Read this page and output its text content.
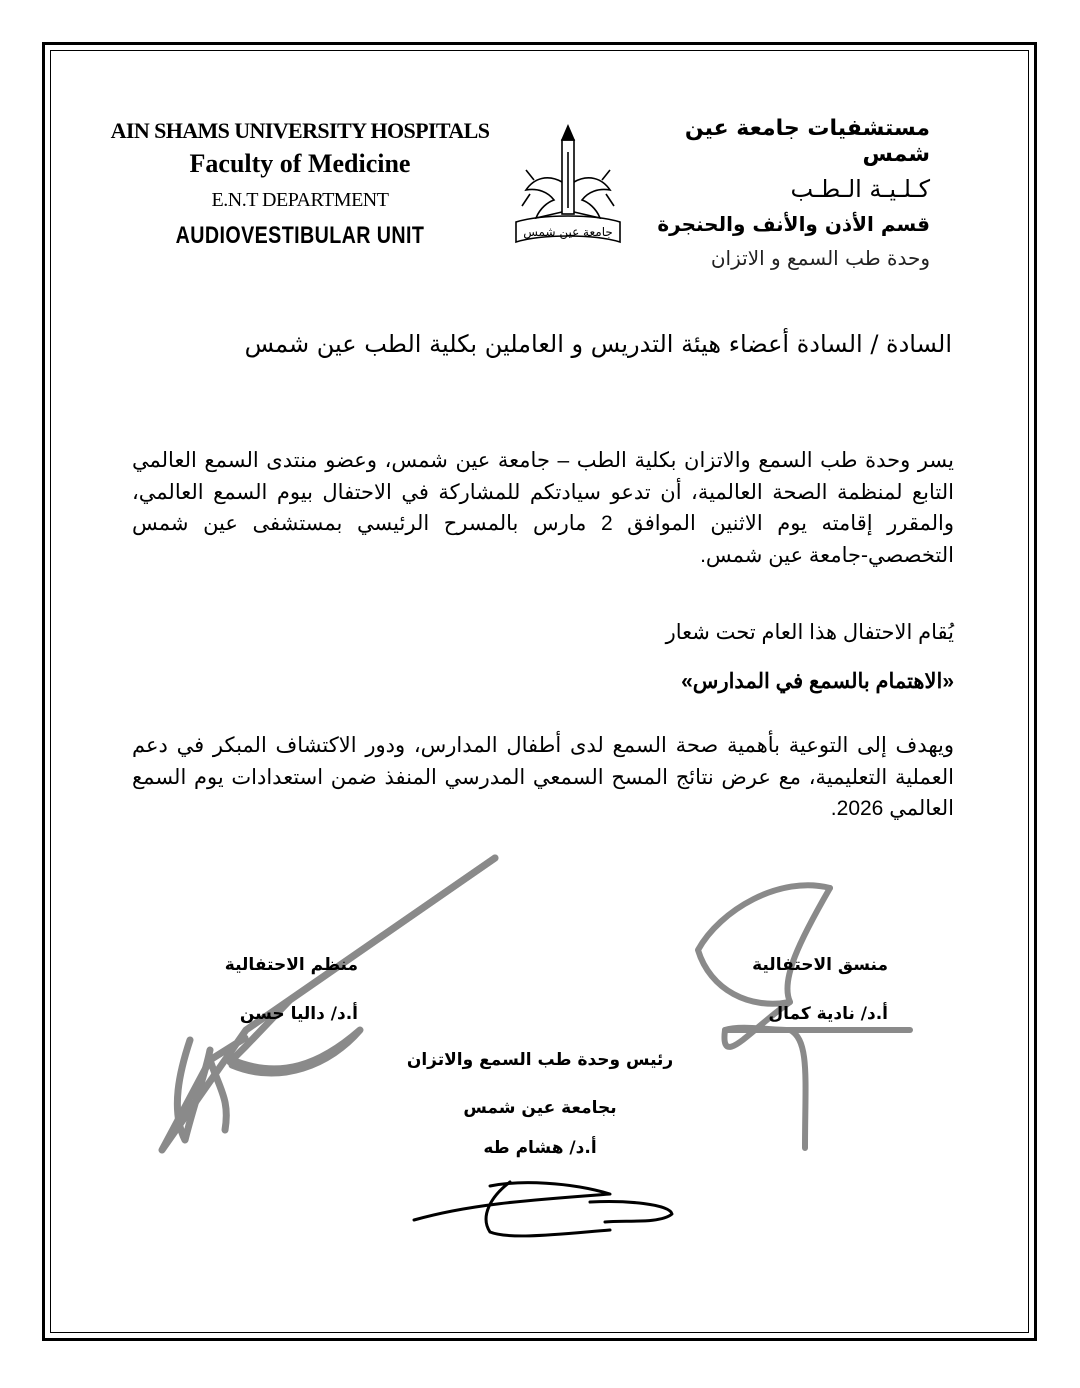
AIN SHAMS UNIVERSITY HOSPITALS
Faculty of Medicine
E.N.T DEPARTMENT
AUDIOVESTIBULAR UNIT	جامعة عين شمس
مستشفيات جامعة عين شمس
كـلـيـة الـطـب
قسم الأذن والأنف والحنجرة
وحدة طب السمع و الاتزان
السادة / السادة أعضاء هيئة التدريس و العاملين بكلية الطب عين شمس
يسر وحدة طب السمع والاتزان بكلية الطب – جامعة عين شمس، وعضو منتدى السمع العالمي التابع لمنظمة الصحة العالمية، أن تدعو سيادتكم للمشاركة في الاحتفال بيوم السمع العالمي، والمقرر إقامته يوم الاثنين الموافق 2 مارس بالمسرح الرئيسي بمستشفى عين شمس التخصصي-جامعة عين شمس.
يُقام الاحتفال هذا العام تحت شعار
«الاهتمام بالسمع في المدارس»
ويهدف إلى التوعية بأهمية صحة السمع لدى أطفال المدارس، ودور الاكتشاف المبكر في دعم العملية التعليمية، مع عرض نتائج المسح السمعي المدرسي المنفذ ضمن استعدادات يوم السمع العالمي 2026.
منظم الاحتفالية
أ.د/ داليا حسن
منسق الاحتفالية
أ.د/ نادية كمال
رئيس وحدة طب السمع والاتزان
بجامعة عين شمس
أ.د/ هشام طه
